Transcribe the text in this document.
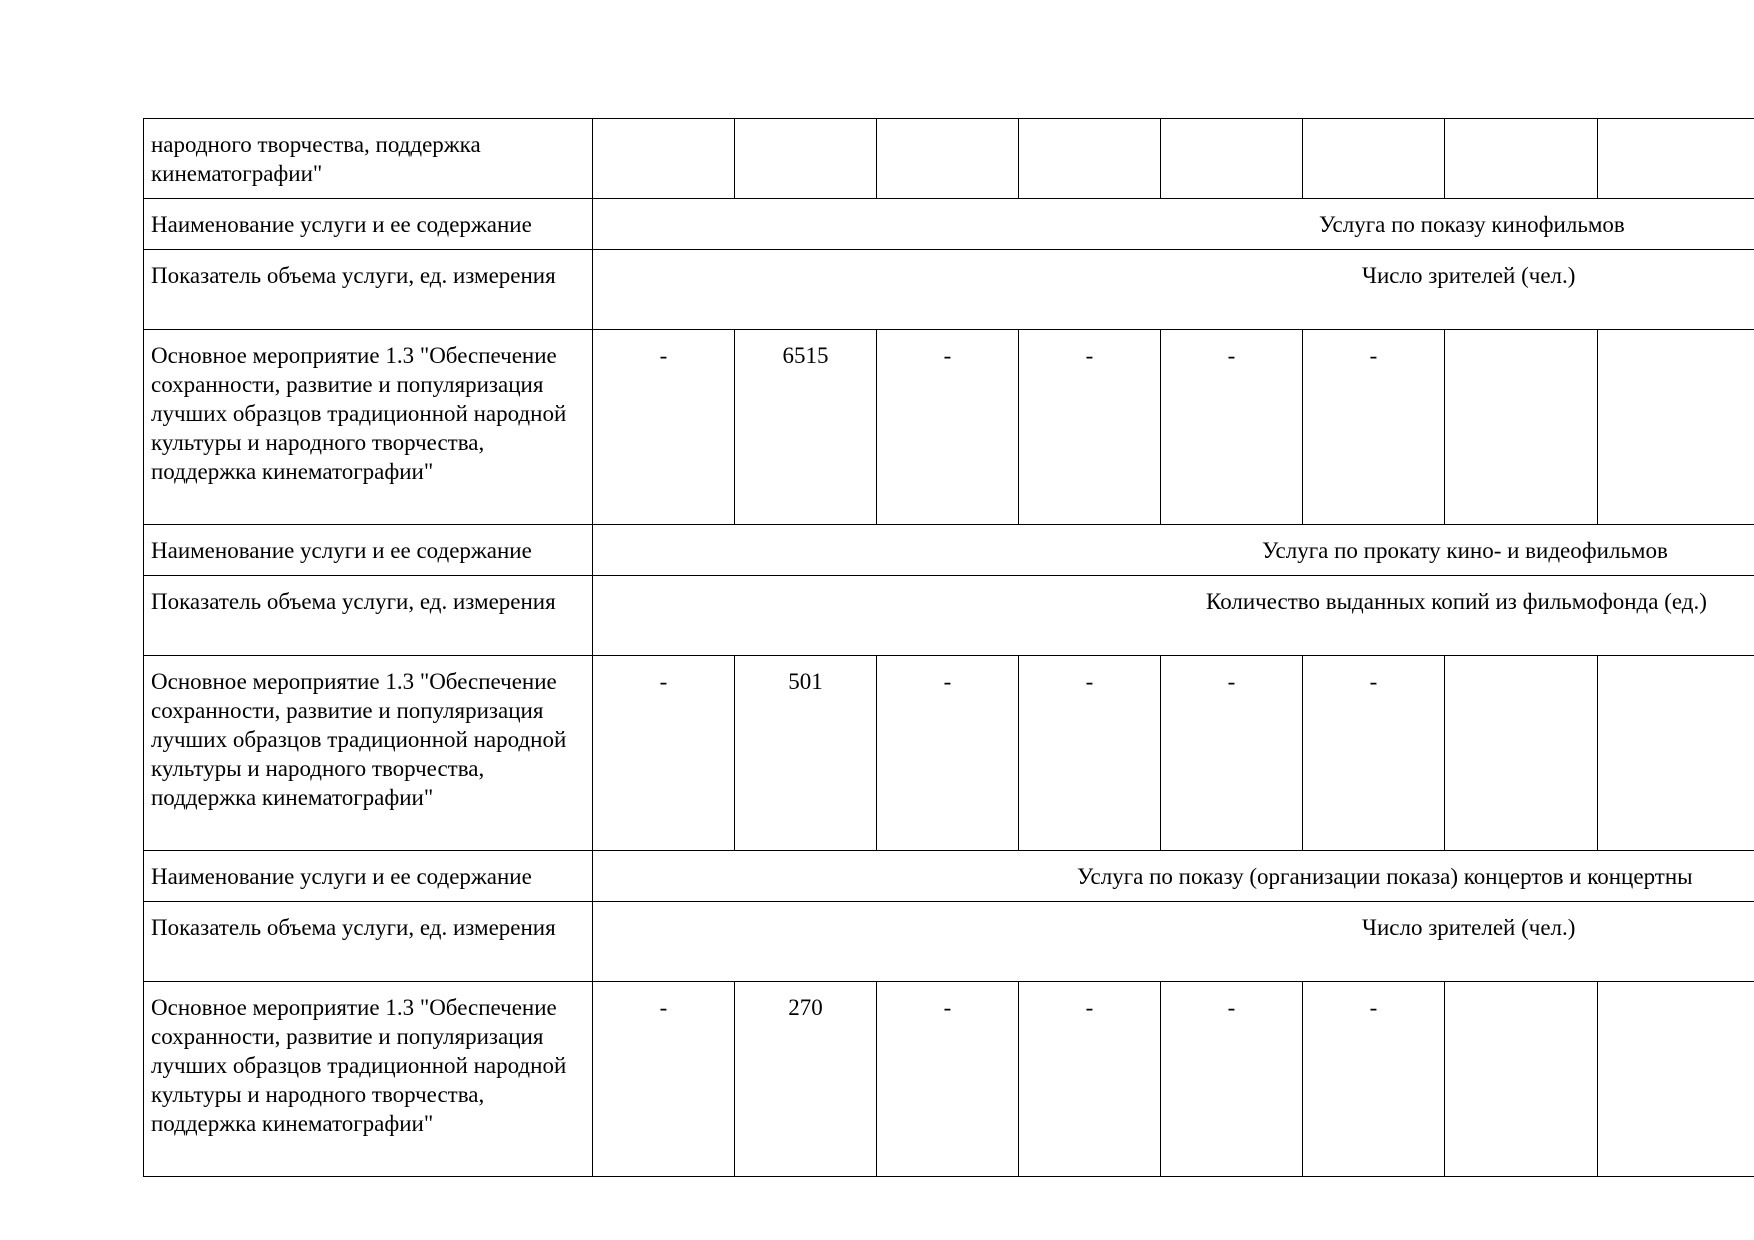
народного творчества, поддержка кинематографии"								
Наименование услуги и ее содержание	Услуга по показу кинофильмов							
Показатель объема услуги, ед. измерения	Число зрителей (чел.)							
Основное мероприятие 1.3 "Обеспечение сохранности, развитие и популяризация лучших образцов традиционной народной культуры и народного творчества, поддержка кинематографии"	-	6515	-	-	-	-		
Наименование услуги и ее содержание	Услуга по прокату кино- и видеофильмов							
Показатель объема услуги, ед. измерения	Количество выданных копий из фильмофонда (ед.)							
Основное мероприятие 1.3 "Обеспечение сохранности, развитие и популяризация лучших образцов традиционной народной культуры и народного творчества, поддержка кинематографии"	-	501	-	-	-	-		
Наименование услуги и ее содержание	Услуга по показу (организации показа) концертов и концертны							
Показатель объема услуги, ед. измерения	Число зрителей (чел.)							
Основное мероприятие 1.3 "Обеспечение сохранности, развитие и популяризация лучших образцов традиционной народной культуры и народного творчества, поддержка кинематографии"	-	270	-	-	-	-		
